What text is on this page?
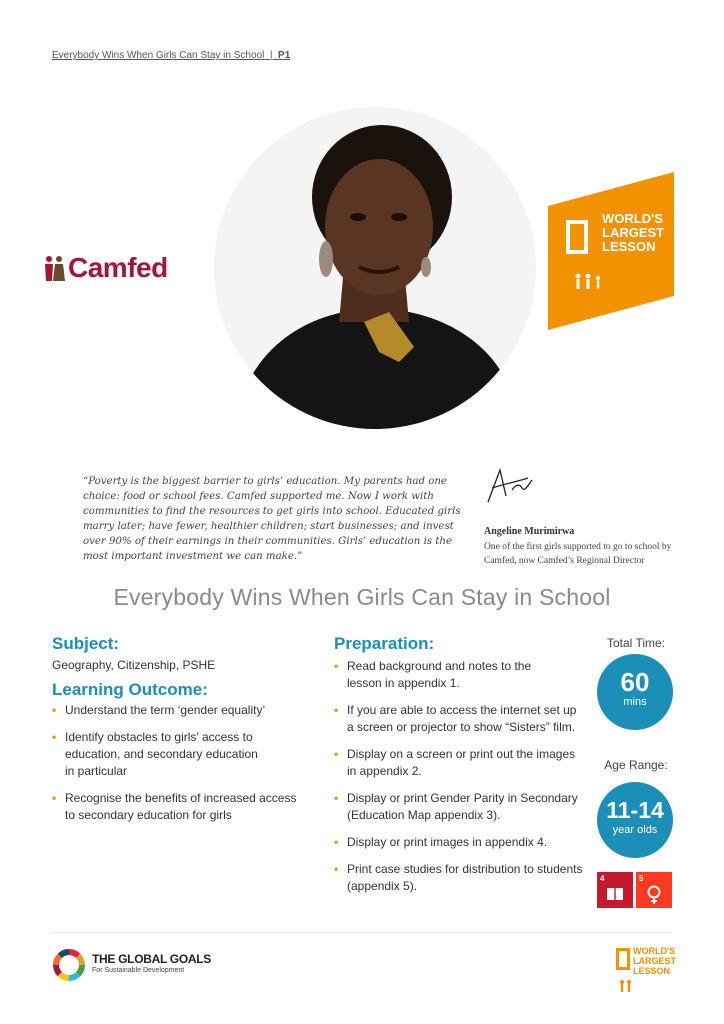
Everybody Wins When Girls Can Stay in School | P1
Camfed
WORLD'S
LARGEST
LESSON

“Poverty is the biggest barrier to girls’ education. My parents had one choice: food or school fees. Camfed supported me. Now I work with communities to find the resources to get girls into school. Educated girls marry later; have fewer, healthier children; start businesses; and invest over 90% of their earnings in their communities. Girls’ education is the most important investment we can make.”

Angeline Murimirwa
One of the first girls supported to go to school by Camfed, now Camfed’s Regional Director
Everybody Wins When Girls Can Stay in School
Subject:
Geography, Citizenship, PSHE
Learning Outcome:
• Understand the term ‘gender equality’
• Identify obstacles to girls’ access to
education, and secondary education
in particular
• Recognise the benefits of increased access
to secondary education for girls
Preparation:
• Read background and notes to the
lesson in appendix 1.
• If you are able to access the internet set up
a screen or projector to show “Sisters” film.
• Display on a screen or print out the images
in appendix 2.
• Display or print Gender Parity in Secondary
(Education Map appendix 3).
• Display or print images in appendix 4.
• Print case studies for distribution to students
(appendix 5).
Total Time:
60
mins
Age Range:
11-14
year olds
4	5
THE GLOBAL GOALS
For Sustainable Development
WORLD'S
LARGEST
LESSON
